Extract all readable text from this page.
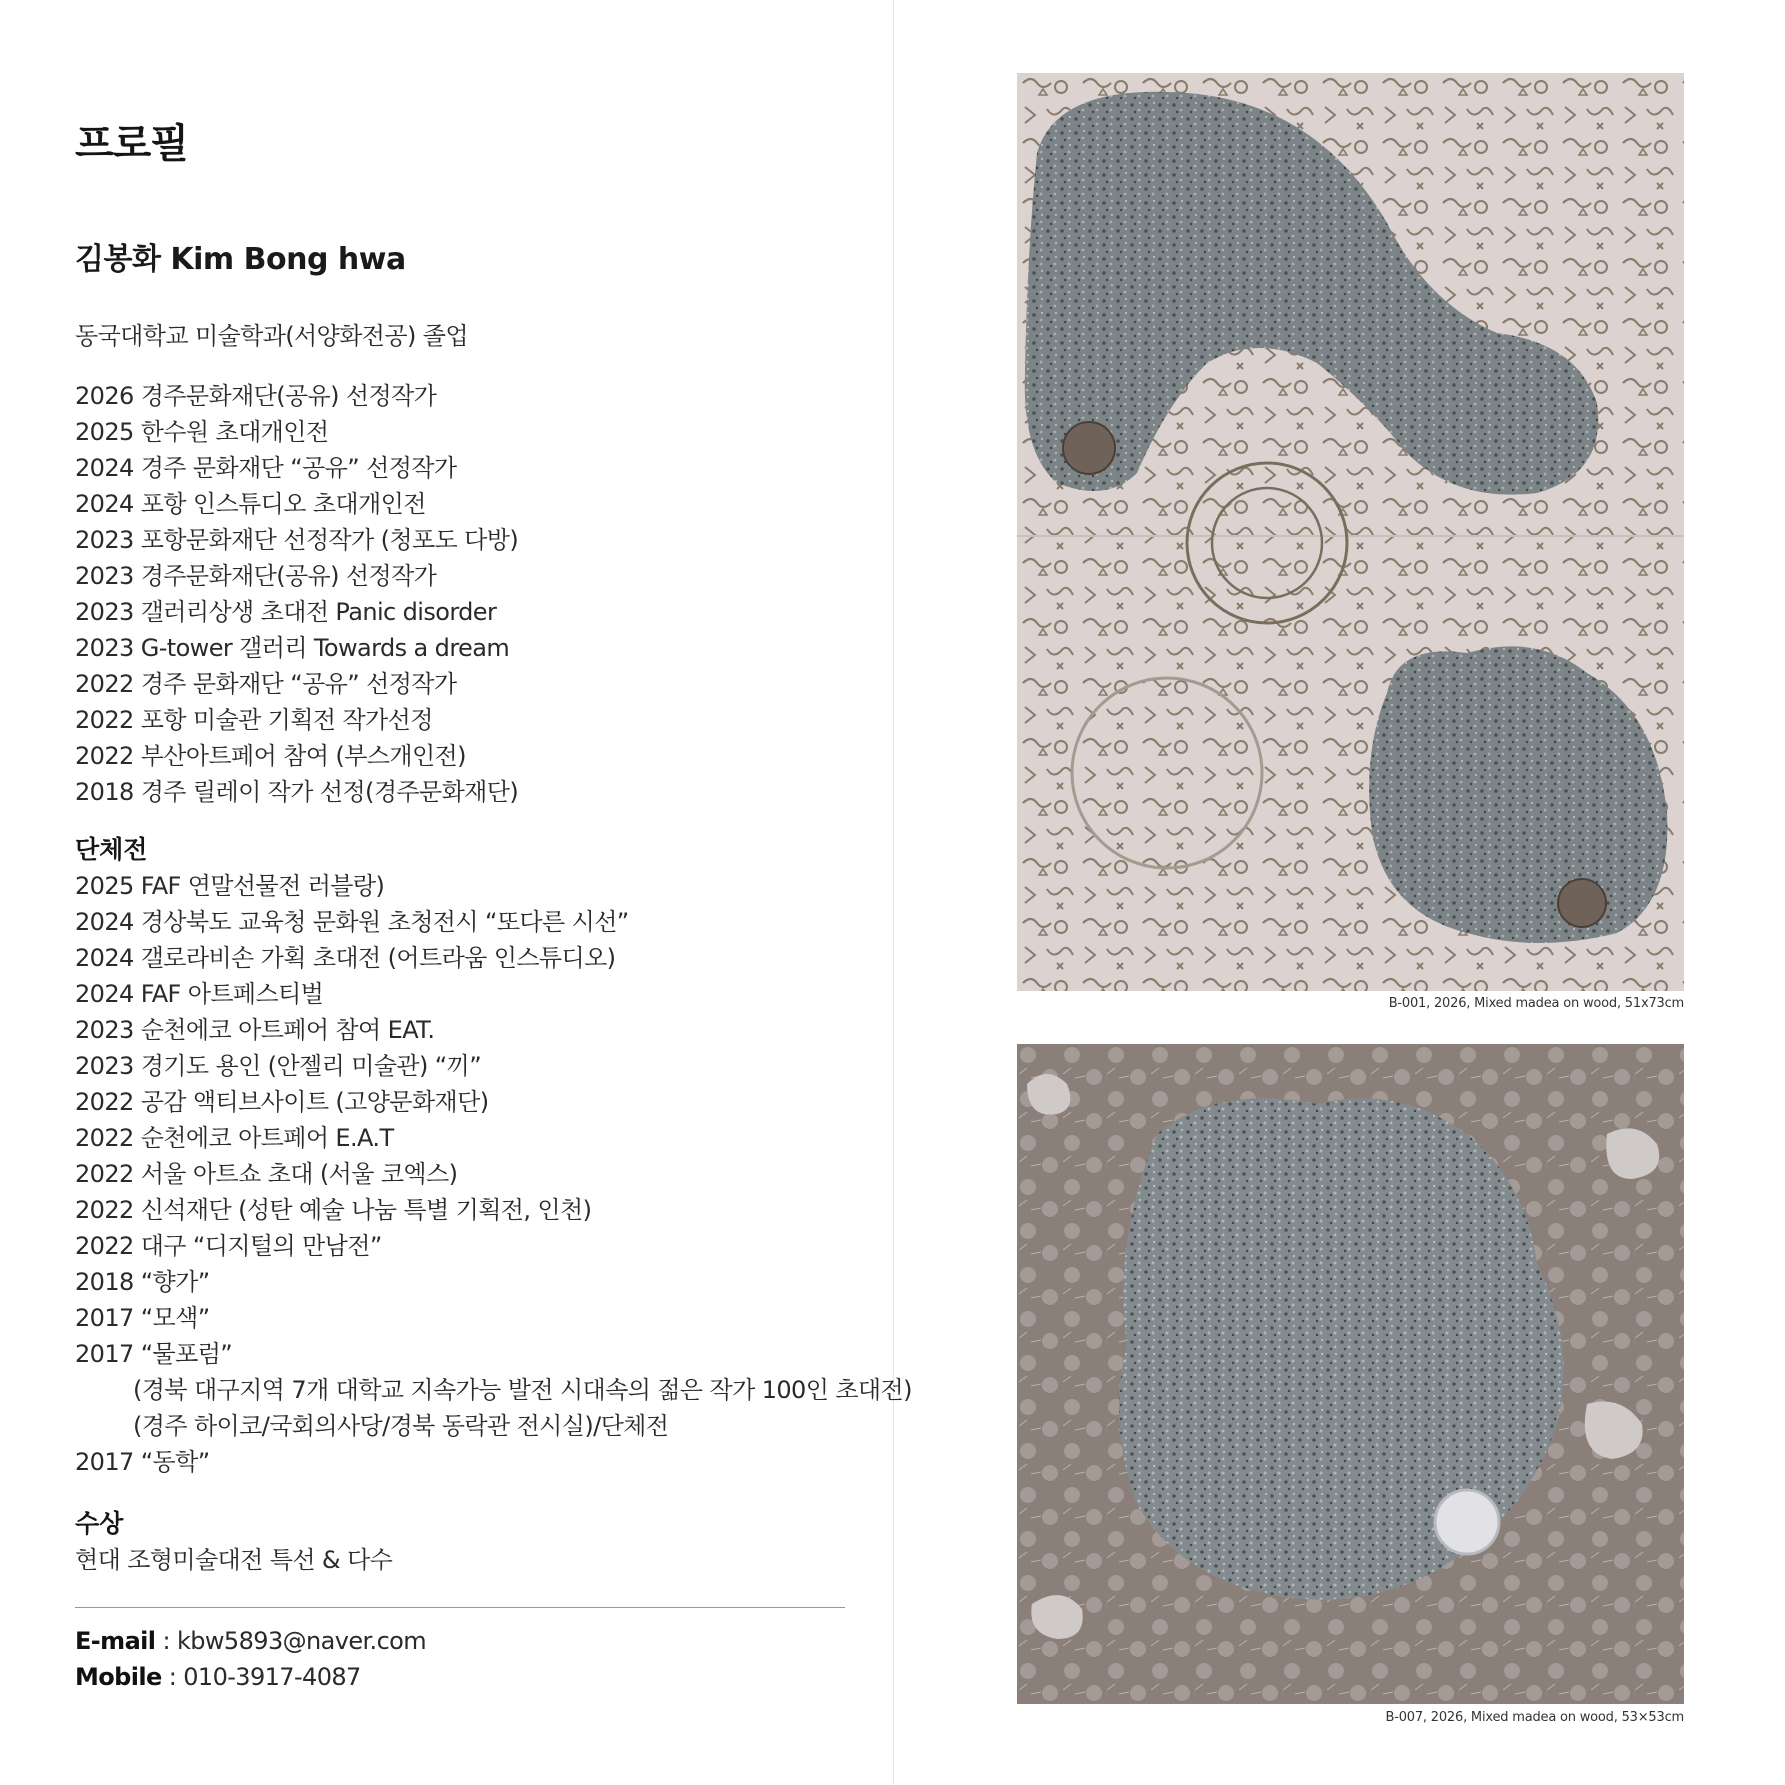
프로필
김봉화 Kim Bong hwa
동국대학교 미술학과(서양화전공) 졸업
2026 경주문화재단(공유) 선정작가
2025 한수원 초대개인전
2024 경주 문화재단 “공유” 선정작가
2024 포항 인스튜디오 초대개인전
2023 포항문화재단 선정작가 (청포도 다방)
2023 경주문화재단(공유) 선정작가
2023 갤러리상생 초대전 Panic disorder
2023 G-tower 갤러리 Towards a dream
2022 경주 문화재단 “공유” 선정작가
2022 포항 미술관 기획전 작가선정
2022 부산아트페어 참여 (부스개인전)
2018 경주 릴레이 작가 선정(경주문화재단)
단체전
2025 FAF 연말선물전 러블랑)
2024 경상북도 교육청 문화원 초청전시 “또다른 시선”
2024 갤로라비손 가획 초대전 (어트라움 인스튜디오)
2024 FAF 아트페스티벌
2023 순천에코 아트페어 참여 EAT.
2023 경기도 용인 (안젤리 미술관) “끼”
2022 공감 액티브사이트 (고양문화재단)
2022 순천에코 아트페어 E.A.T
2022 서울 아트쇼 초대 (서울 코엑스)
2022 신석재단 (성탄 예술 나눔 특별 기획전, 인천)
2022 대구 “디지털의 만남전”
2018 “향가”
2017 “모색”
2017 “물포럼”
(경북 대구지역 7개 대학교 지속가능 발전 시대속의 젊은 작가 100인 초대전)
(경주 하이코/국회의사당/경북 동락관 전시실)/단체전
2017 “동학”
수상
현대 조형미술대전 특선 & 다수
E-mail : kbw5893@naver.com
Mobile : 010-3917-4087
B-001, 2026, Mixed madea on wood, 51x73cm
B-007, 2026, Mixed madea on wood, 53×53cm
